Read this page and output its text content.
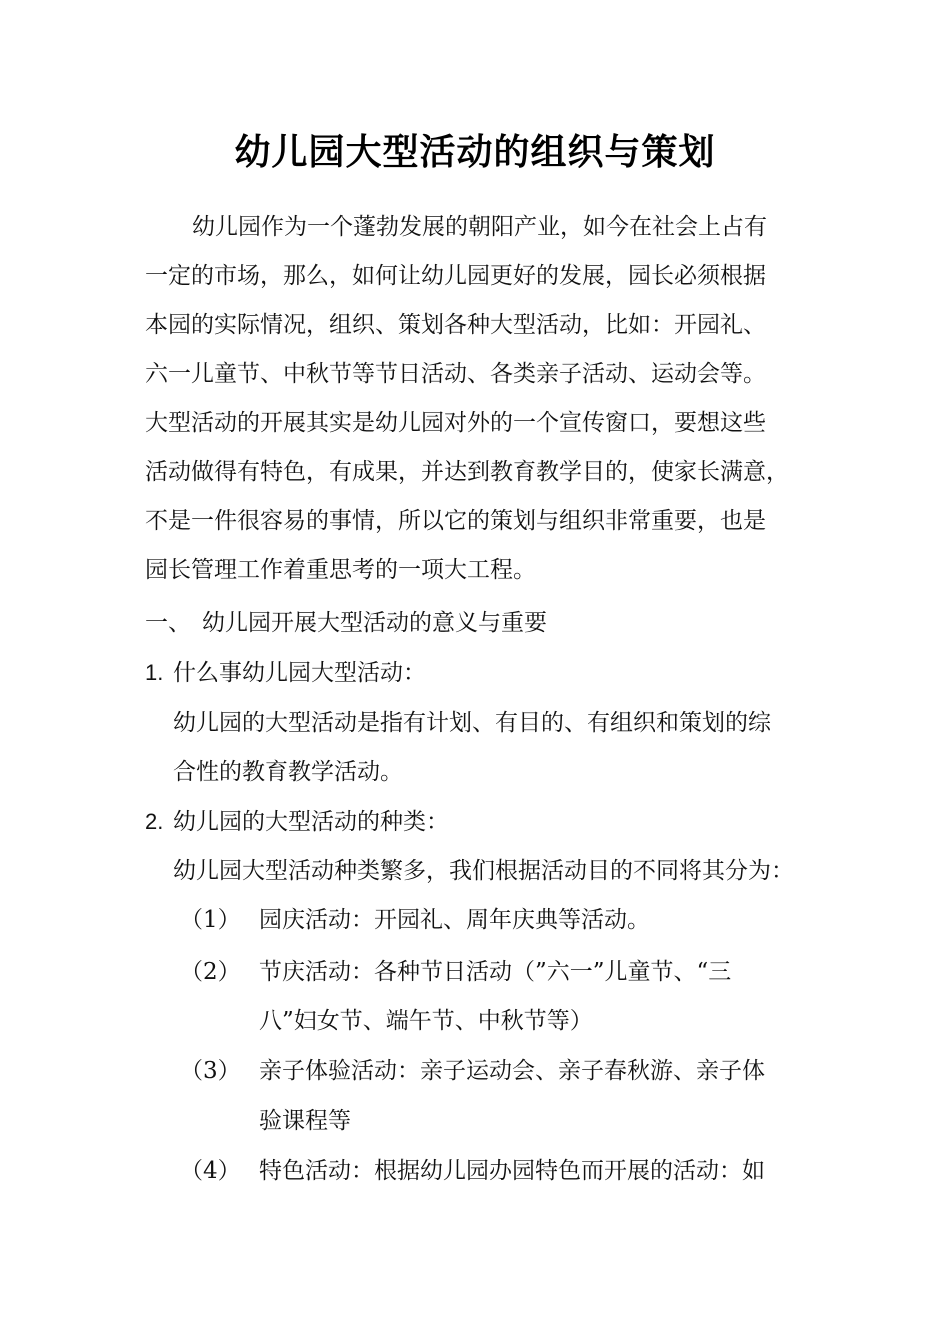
幼儿园大型活动的组织与策划
幼儿园作为一个蓬勃发展的朝阳产业，如今在社会上占有
一定的市场，那么，如何让幼儿园更好的发展，园长必须根据
本园的实际情况，组织、策划各种大型活动，比如：开园礼、
六一儿童节、中秋节等节日活动、各类亲子活动、运动会等。
大型活动的开展其实是幼儿园对外的一个宣传窗口，要想这些
活动做得有特色，有成果，并达到教育教学目的，使家长满意，
不是一件很容易的事情，所以它的策划与组织非常重要，也是
园长管理工作着重思考的一项大工程。
一、 幼儿园开展大型活动的意义与重要
1. 什么事幼儿园大型活动：
幼儿园的大型活动是指有计划、有目的、有组织和策划的综
合性的教育教学活动。
2. 幼儿园的大型活动的种类：
幼儿园大型活动种类繁多，我们根据活动目的不同将其分为：
（1） 园庆活动：开园礼、周年庆典等活动。
（2） 节庆活动：各种节日活动（”六一”儿童节、“三
八”妇女节、端午节、中秋节等）
（3） 亲子体验活动：亲子运动会、亲子春秋游、亲子体
验课程等
（4） 特色活动：根据幼儿园办园特色而开展的活动：如
